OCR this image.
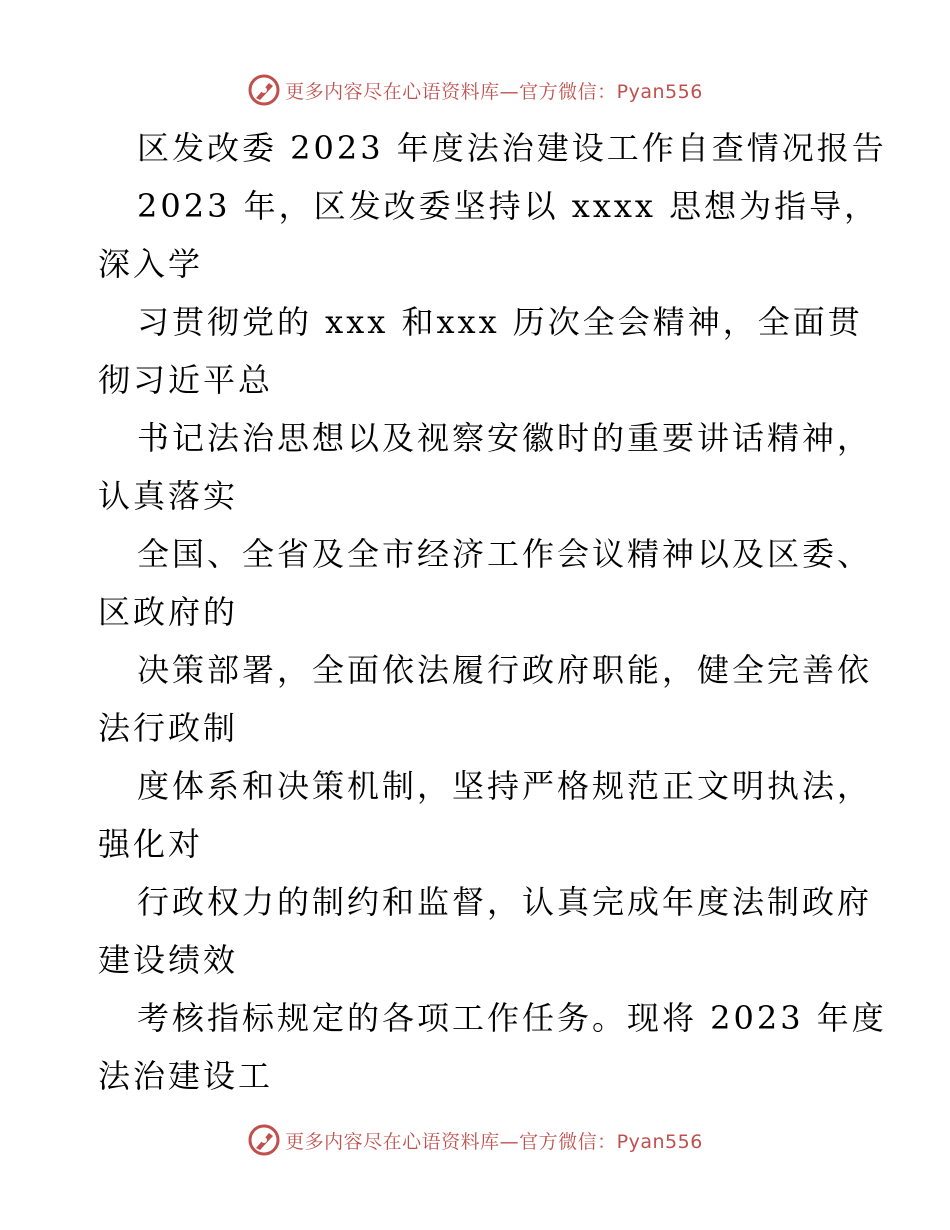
更多内容尽在心语资料库—官方微信：Pyan556
区发改委 2023 年度法治建设工作自查情况报告
2023 年，区发改委坚持以 xxxx 思想为指导，
深入学
习贯彻党的 xxx 和xxx 历次全会精神，全面贯
彻习近平总
书记法治思想以及视察安徽时的重要讲话精神，
认真落实
全国、全省及全市经济工作会议精神以及区委、
区政府的
决策部署，全面依法履行政府职能，健全完善依
法行政制
度体系和决策机制，坚持严格规范正文明执法，
强化对
行政权力的制约和监督，认真完成年度法制政府
建设绩效
考核指标规定的各项工作任务。现将 2023 年度
法治建设工
更多内容尽在心语资料库—官方微信：Pyan556
